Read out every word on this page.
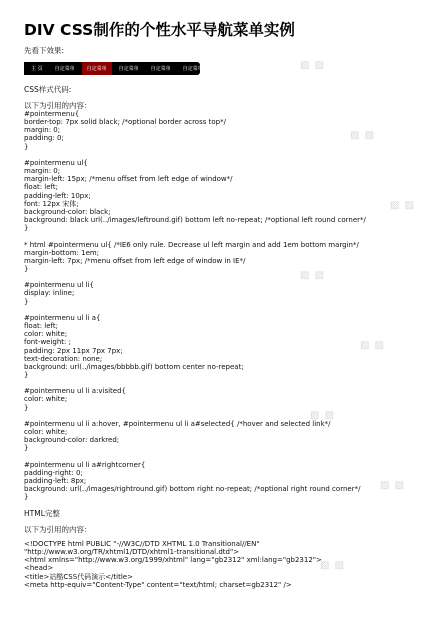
DIV CSS制作的个性水平导航菜单实例
先看下效果:
主 页	自定菜单	自定菜单	自定菜单	自定菜单	自定菜单
CSS样式代码:
以下为引用的内容：
#pointermenu{
border-top: 7px solid black; /*optional border across top*/
margin: 0;
padding: 0;
}

#pointermenu ul{
margin: 0;
margin-left: 15px; /*menu offset from left edge of window*/
float: left;
padding-left: 10px;
font: 12px 宋体;
background-color: black;
background: black url(../images/leftround.gif) bottom left no-repeat; /*optional left round corner*/
}

* html #pointermenu ul{ /*IE6 only rule. Decrease ul left margin and add 1em bottom margin*/
margin-bottom: 1em;
margin-left: 7px; /*menu offset from left edge of window in IE*/
}

#pointermenu ul li{
display: inline;
}

#pointermenu ul li a{
float: left;
color: white;
font-weight: ;
padding: 2px 11px 7px 7px;
text-decoration: none;
background: url(../images/bbbbb.gif) bottom center no-repeat;
}

#pointermenu ul li a:visited{
color: white;
}

#pointermenu ul li a:hover, #pointermenu ul li a#selected{ /*hover and selected link*/
color: white;
background-color: darkred;
}

#pointermenu ul li a#rightcorner{
padding-right: 0;
padding-left: 8px;
background: url(../images/rightround.gif) bottom right no-repeat; /*optional right round corner*/
}
HTML完整
以下为引用的内容：
<!DOCTYPE html PUBLIC "-//W3C//DTD XHTML 1.0 Transitional//EN"
"http://www.w3.org/TR/xhtml1/DTD/xhtml1-transitional.dtd">
<html xmlns="http://www.w3.org/1999/xhtml" lang="gb2312" xml:lang="gb2312">
<head>
<title>站酷CSS代码演示</title>
<meta http-equiv="Content-Type" content="text/html; charset=gb2312" />
▨ ▨
▨ ▨
▨ ▨
▨ ▨
▨ ▨
▨ ▨
▨ ▨
▨ ▨
